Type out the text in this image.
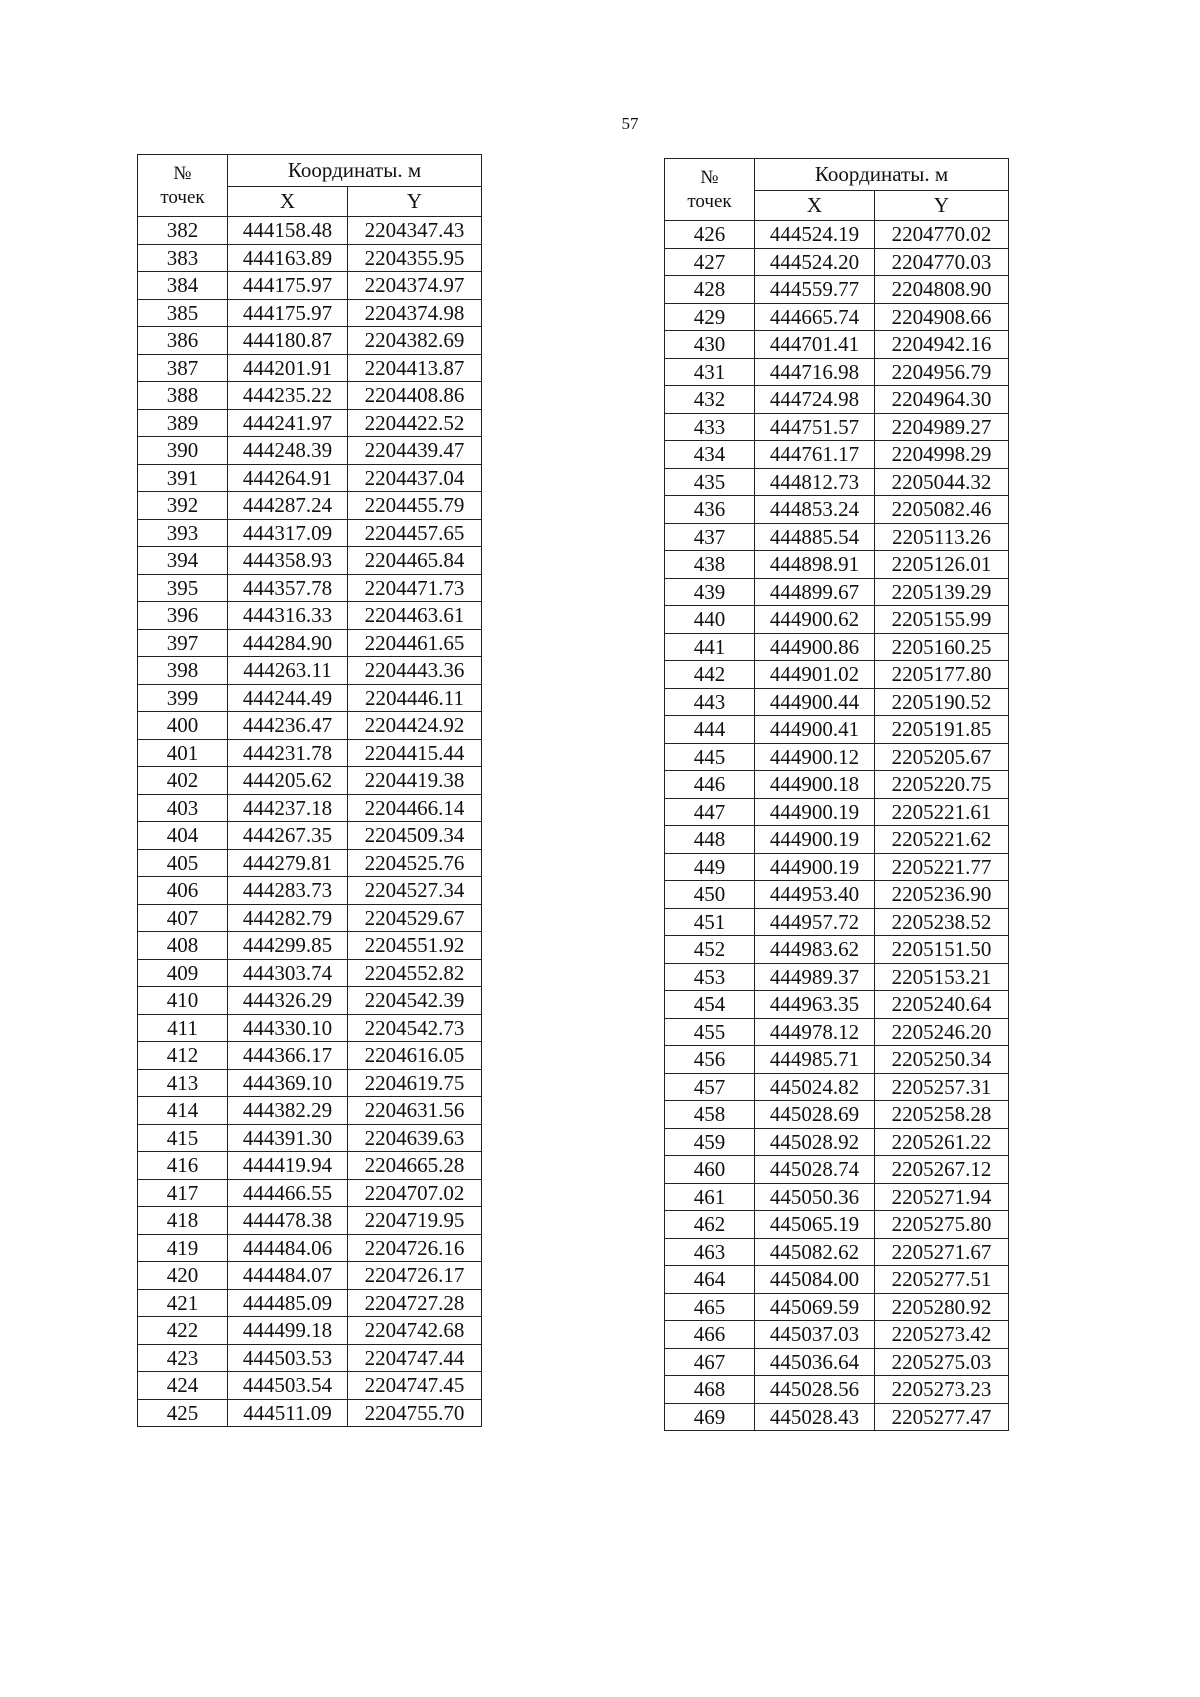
57
№
точек	Координаты. м	
	X	Y
382	444158.48	2204347.43
383	444163.89	2204355.95
384	444175.97	2204374.97
385	444175.97	2204374.98
386	444180.87	2204382.69
387	444201.91	2204413.87
388	444235.22	2204408.86
389	444241.97	2204422.52
390	444248.39	2204439.47
391	444264.91	2204437.04
392	444287.24	2204455.79
393	444317.09	2204457.65
394	444358.93	2204465.84
395	444357.78	2204471.73
396	444316.33	2204463.61
397	444284.90	2204461.65
398	444263.11	2204443.36
399	444244.49	2204446.11
400	444236.47	2204424.92
401	444231.78	2204415.44
402	444205.62	2204419.38
403	444237.18	2204466.14
404	444267.35	2204509.34
405	444279.81	2204525.76
406	444283.73	2204527.34
407	444282.79	2204529.67
408	444299.85	2204551.92
409	444303.74	2204552.82
410	444326.29	2204542.39
411	444330.10	2204542.73
412	444366.17	2204616.05
413	444369.10	2204619.75
414	444382.29	2204631.56
415	444391.30	2204639.63
416	444419.94	2204665.28
417	444466.55	2204707.02
418	444478.38	2204719.95
419	444484.06	2204726.16
420	444484.07	2204726.17
421	444485.09	2204727.28
422	444499.18	2204742.68
423	444503.53	2204747.44
424	444503.54	2204747.45
425	444511.09	2204755.70
№
точек	Координаты. м	
	X	Y
426	444524.19	2204770.02
427	444524.20	2204770.03
428	444559.77	2204808.90
429	444665.74	2204908.66
430	444701.41	2204942.16
431	444716.98	2204956.79
432	444724.98	2204964.30
433	444751.57	2204989.27
434	444761.17	2204998.29
435	444812.73	2205044.32
436	444853.24	2205082.46
437	444885.54	2205113.26
438	444898.91	2205126.01
439	444899.67	2205139.29
440	444900.62	2205155.99
441	444900.86	2205160.25
442	444901.02	2205177.80
443	444900.44	2205190.52
444	444900.41	2205191.85
445	444900.12	2205205.67
446	444900.18	2205220.75
447	444900.19	2205221.61
448	444900.19	2205221.62
449	444900.19	2205221.77
450	444953.40	2205236.90
451	444957.72	2205238.52
452	444983.62	2205151.50
453	444989.37	2205153.21
454	444963.35	2205240.64
455	444978.12	2205246.20
456	444985.71	2205250.34
457	445024.82	2205257.31
458	445028.69	2205258.28
459	445028.92	2205261.22
460	445028.74	2205267.12
461	445050.36	2205271.94
462	445065.19	2205275.80
463	445082.62	2205271.67
464	445084.00	2205277.51
465	445069.59	2205280.92
466	445037.03	2205273.42
467	445036.64	2205275.03
468	445028.56	2205273.23
469	445028.43	2205277.47
